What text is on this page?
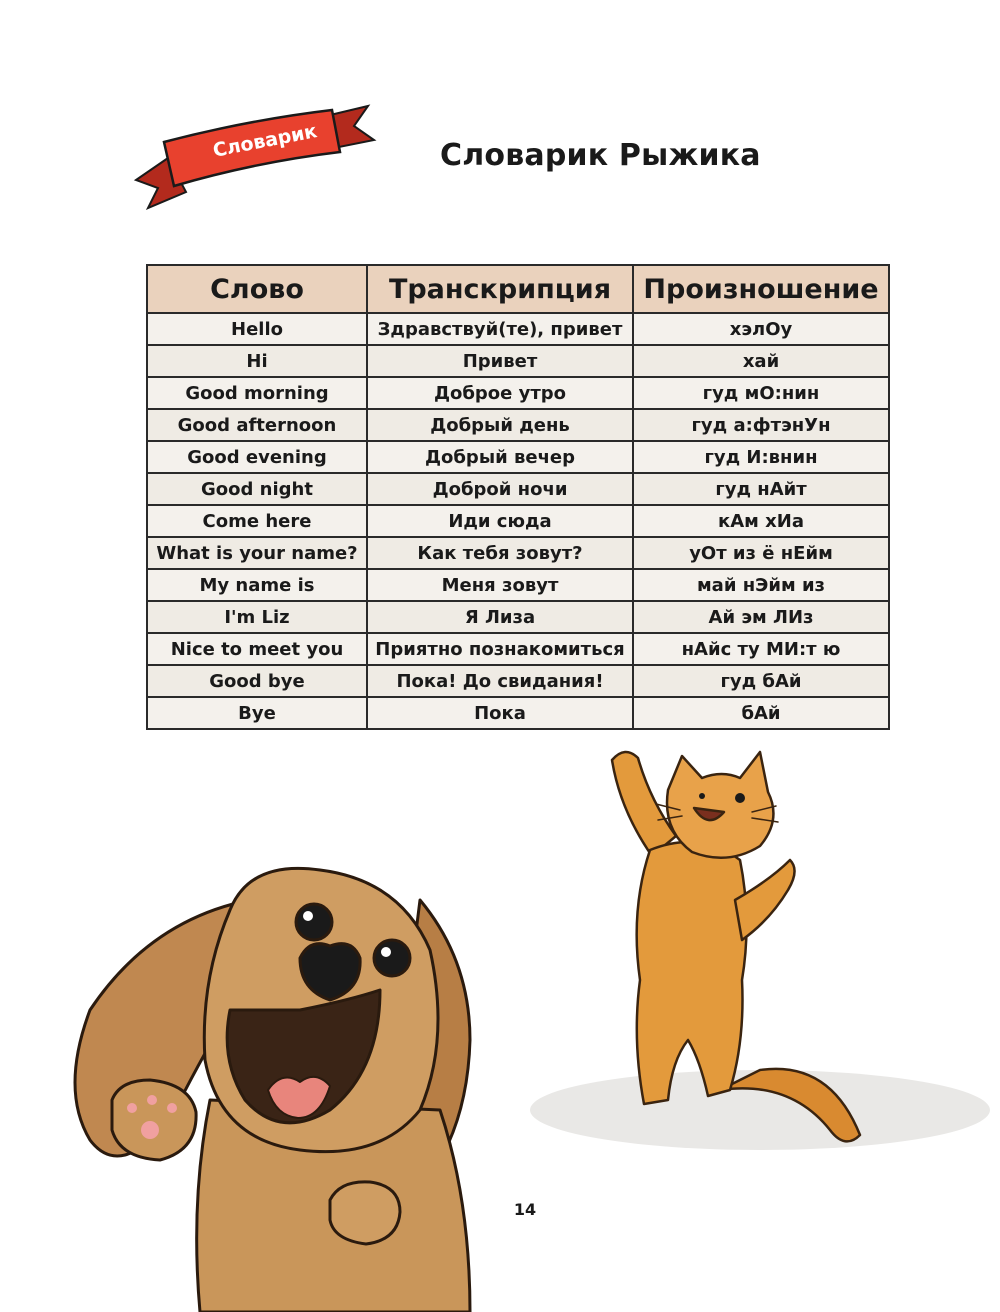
Словарик	Словарик Рыжика
Слово	Транскрипция	Произношение
Hello	Здравствуй(те), привет	хэлОу
Hi	Привет	хай
Good morning	Доброе утро	гуд мО:нин
Good afternoon	Добрый день	гуд а:фтэнУн
Good evening	Добрый вечер	гуд И:внин
Good night	Доброй ночи	гуд нАйт
Come here	Иди сюда	кАм хИа
What is your name?	Как тебя зовут?	уОт из ё нЕйм
My name is	Меня зовут	май нЭйм из
I'm Liz	Я Лиза	Ай эм ЛИз
Nice to meet you	Приятно познакомиться	нАйс ту МИ:т ю
Good bye	Пока! До свидания!	гуд бАй
Bye	Пока	бАй
14
